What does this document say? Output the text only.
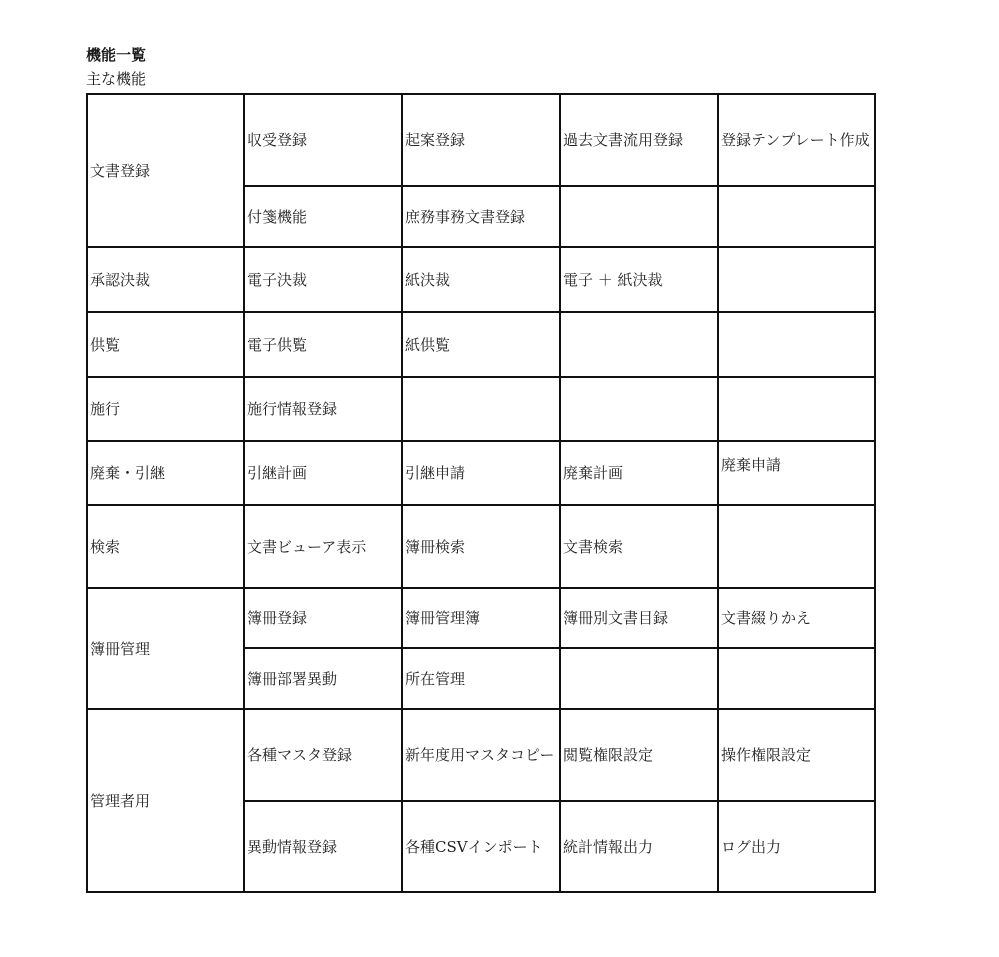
機能一覧
主な機能
文書登録	収受登録	起案登録	過去文書流用登録	登録テンプレート作成
	付箋機能	庶務事務文書登録		
承認決裁	電子決裁	紙決裁	電子 ＋ 紙決裁	
供覧	電子供覧	紙供覧		
施行	施行情報登録			
廃棄・引継	引継計画	引継申請	廃棄計画	廃棄申請
検索	文書ビューア表示	簿冊検索	文書検索	
簿冊管理	簿冊登録	簿冊管理簿	簿冊別文書目録	文書綴りかえ
	簿冊部署異動	所在管理		
管理者用	各種マスタ登録	新年度用マスタコピー	閲覧権限設定	操作権限設定
	異動情報登録	各種CSVインポート	統計情報出力	ログ出力
